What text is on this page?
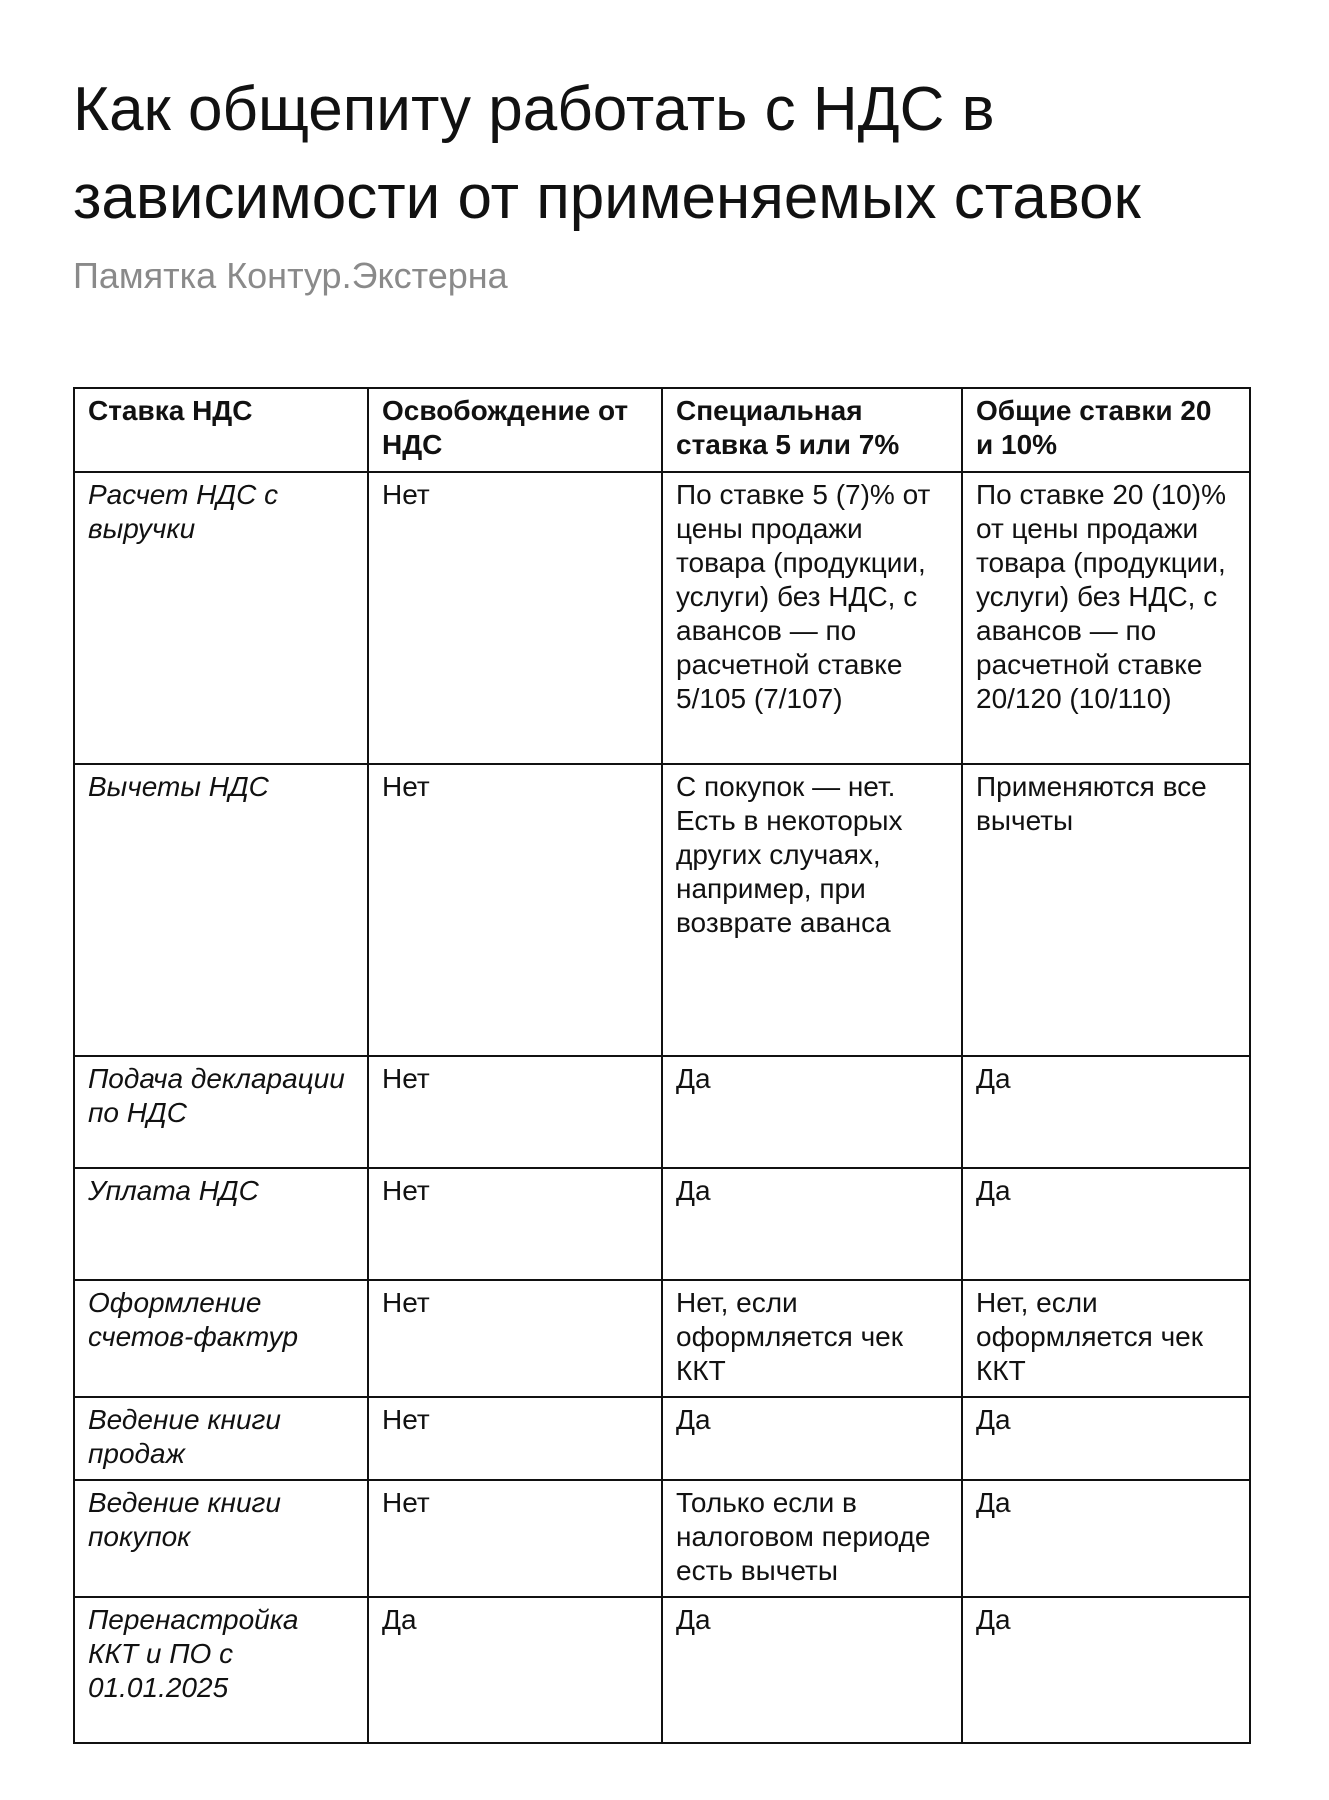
Как общепиту работать с НДС в зависимости от применяемых ставок

Памятка Контур.Экстерна

Ставка НДС	Освобождение от НДС	Специальная ставка 5 или 7%	Общие ставки 20 и 10%
Расчет НДС с выручки	Нет	По ставке 5 (7)% от цены продажи товара (продукции, услуги) без НДС, с авансов — по расчетной ставке 5/105 (7/107)	По ставке 20 (10)% от цены продажи товара (продукции, услуги) без НДС, с авансов — по расчетной ставке 20/120 (10/110)
Вычеты НДС	Нет	С покупок — нет. Есть в некоторых других случаях, например, при возврате аванса	Применяются все вычеты
Подача декларации по НДС	Нет	Да	Да
Уплата НДС	Нет	Да	Да
Оформление счетов-фактур	Нет	Нет, если оформляется чек ККТ	Нет, если оформляется чек ККТ
Ведение книги продаж	Нет	Да	Да
Ведение книги покупок	Нет	Только если в налоговом периоде есть вычеты	Да
Перенастройка ККТ и ПО с 01.01.2025	Да	Да	Да
